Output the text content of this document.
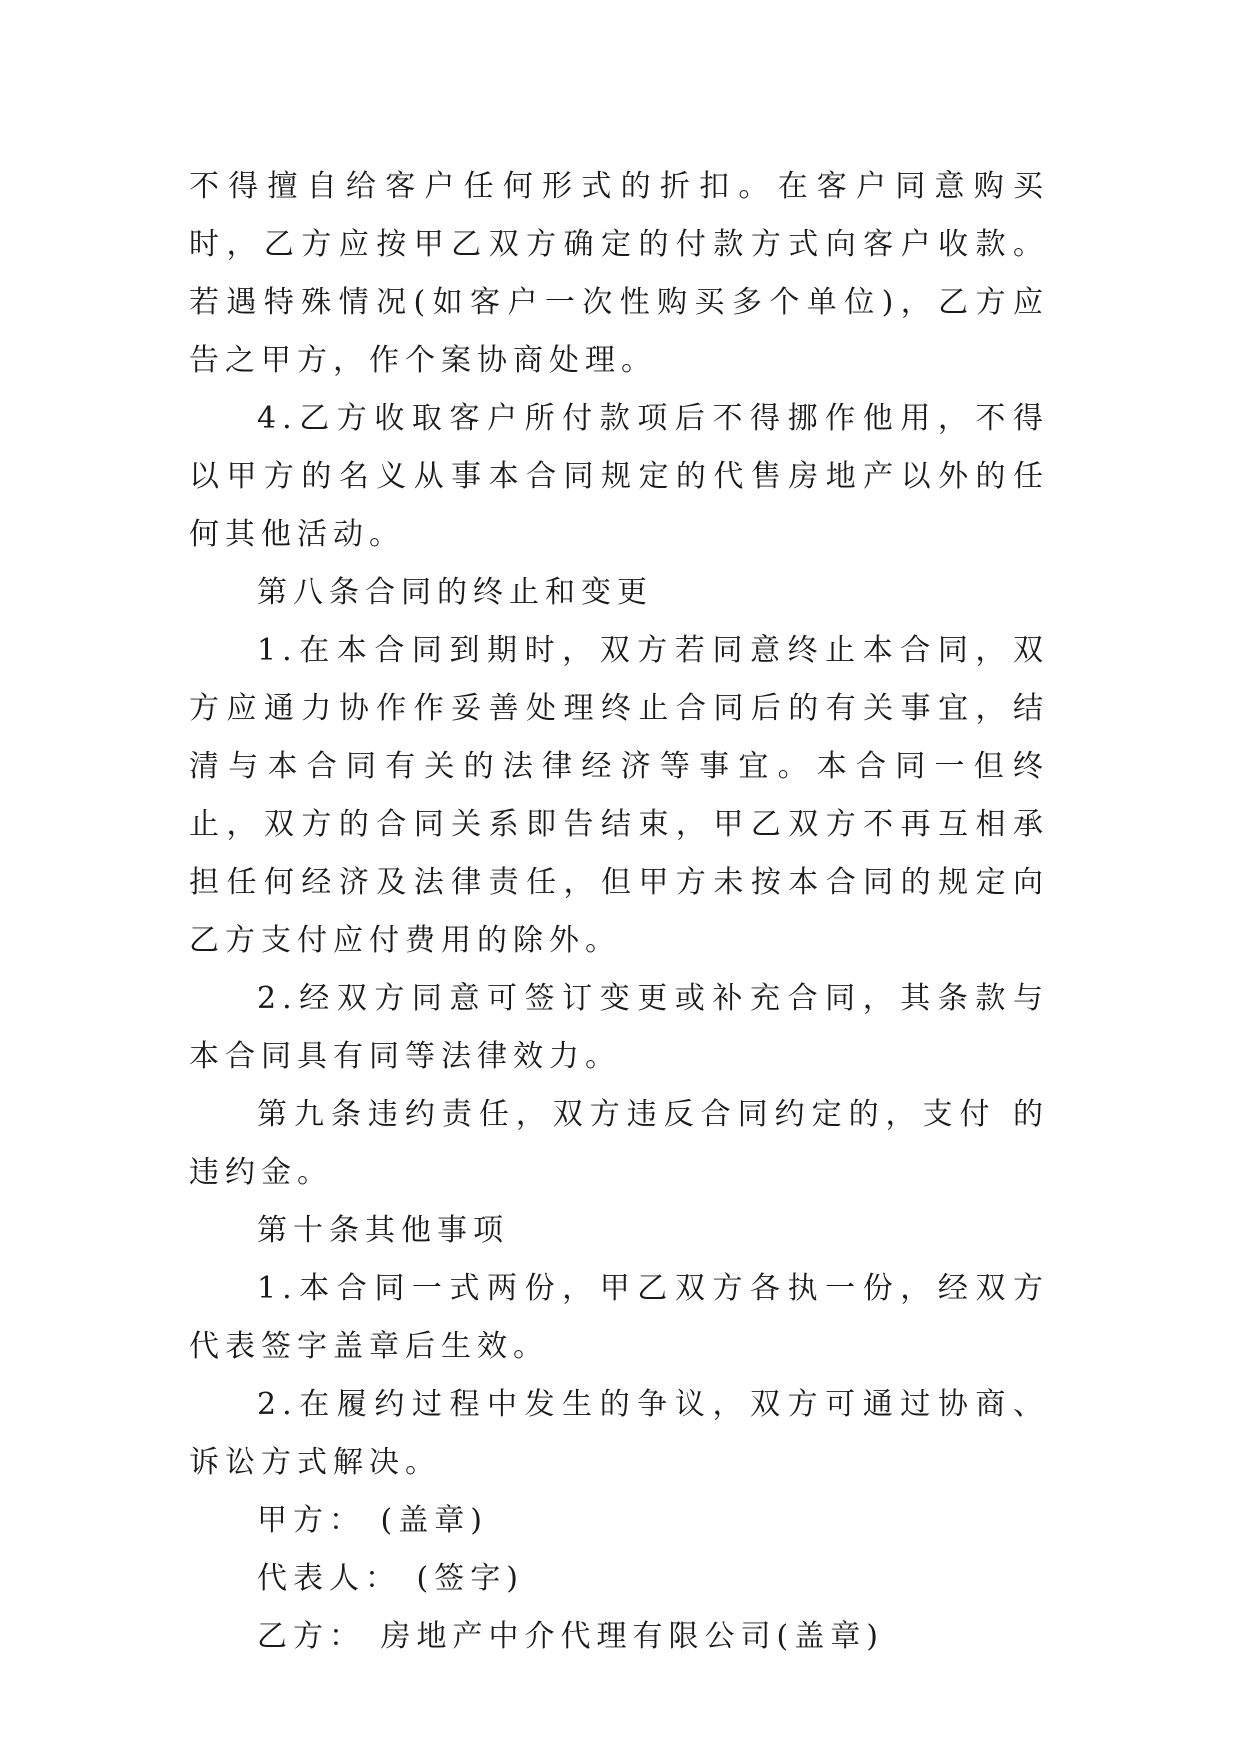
不得擅自给客户任何形式的折扣。在客户同意购买时，乙方应按甲乙双方确定的付款方式向客户收款。若遇特殊情况(如客户一次性购买多个单位)，乙方应告之甲方，作个案协商处理。

4.乙方收取客户所付款项后不得挪作他用，不得以甲方的名义从事本合同规定的代售房地产以外的任何其他活动。

第八条合同的终止和变更

1.在本合同到期时，双方若同意终止本合同，双方应通力协作作妥善处理终止合同后的有关事宜，结清与本合同有关的法律经济等事宜。本合同一但终止，双方的合同关系即告结束，甲乙双方不再互相承担任何经济及法律责任，但甲方未按本合同的规定向乙方支付应付费用的除外。

2.经双方同意可签订变更或补充合同，其条款与本合同具有同等法律效力。

第九条违约责任，双方违反合同约定的，支付 的违约金。

第十条其他事项

1.本合同一式两份，甲乙双方各执一份，经双方代表签字盖章后生效。

2.在履约过程中发生的争议，双方可通过协商、诉讼方式解决。

甲方： (盖章)

代表人： (签字)

乙方： 房地产中介代理有限公司(盖章)
